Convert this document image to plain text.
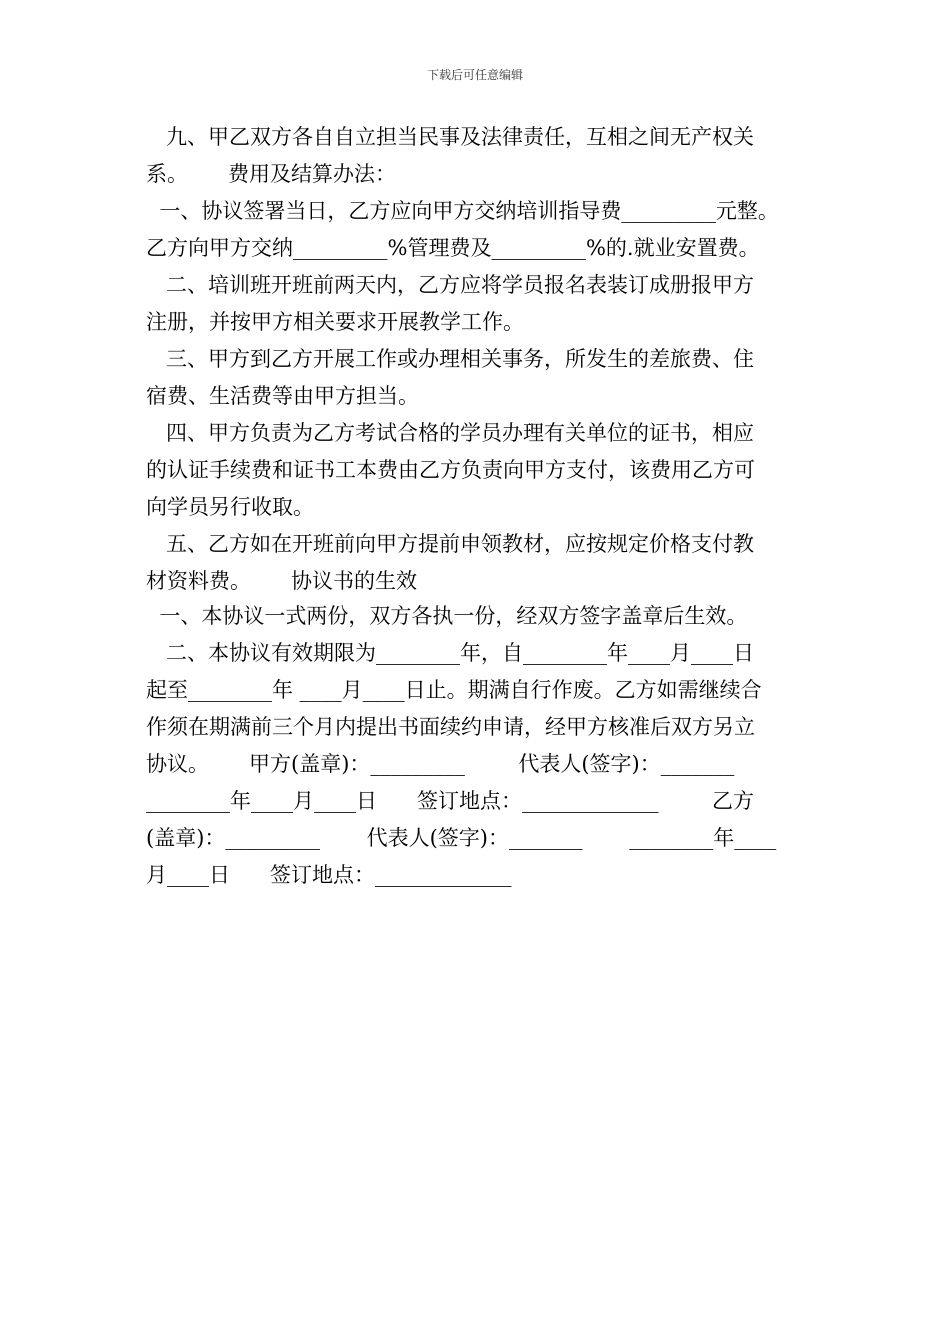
下载后可任意编辑
九、甲乙双方各自自立担当民事及法律责任，互相之间无产权关
系。      费用及结算办法：
一、协议签署当日，乙方应向甲方交纳培训指导费_________元整。
乙方向甲方交纳_________%管理费及_________%的.就业安置费。
二、培训班开班前两天内，乙方应将学员报名表装订成册报甲方
注册，并按甲方相关要求开展教学工作。
三、甲方到乙方开展工作或办理相关事务，所发生的差旅费、住
宿费、生活费等由甲方担当。
四、甲方负责为乙方考试合格的学员办理有关单位的证书，相应
的认证手续费和证书工本费由乙方负责向甲方支付，该费用乙方可
向学员另行收取。
五、乙方如在开班前向甲方提前申领教材，应按规定价格支付教
材资料费。      协议书的生效
一、本协议一式两份，双方各执一份，经双方签字盖章后生效。
二、本协议有效期限为________年，自________年____月____日
起至________年 ____月____日止。期满自行作废。乙方如需继续合
作须在期满前三个月内提出书面续约申请，经甲方核准后双方另立
协议。      甲方(盖章)：_________        代表人(签字)：_______
________年____月____日      签订地点：_____________        乙方
(盖章)：_________       代表人(签字)：_______       ________年____
月____日      签订地点：_____________
